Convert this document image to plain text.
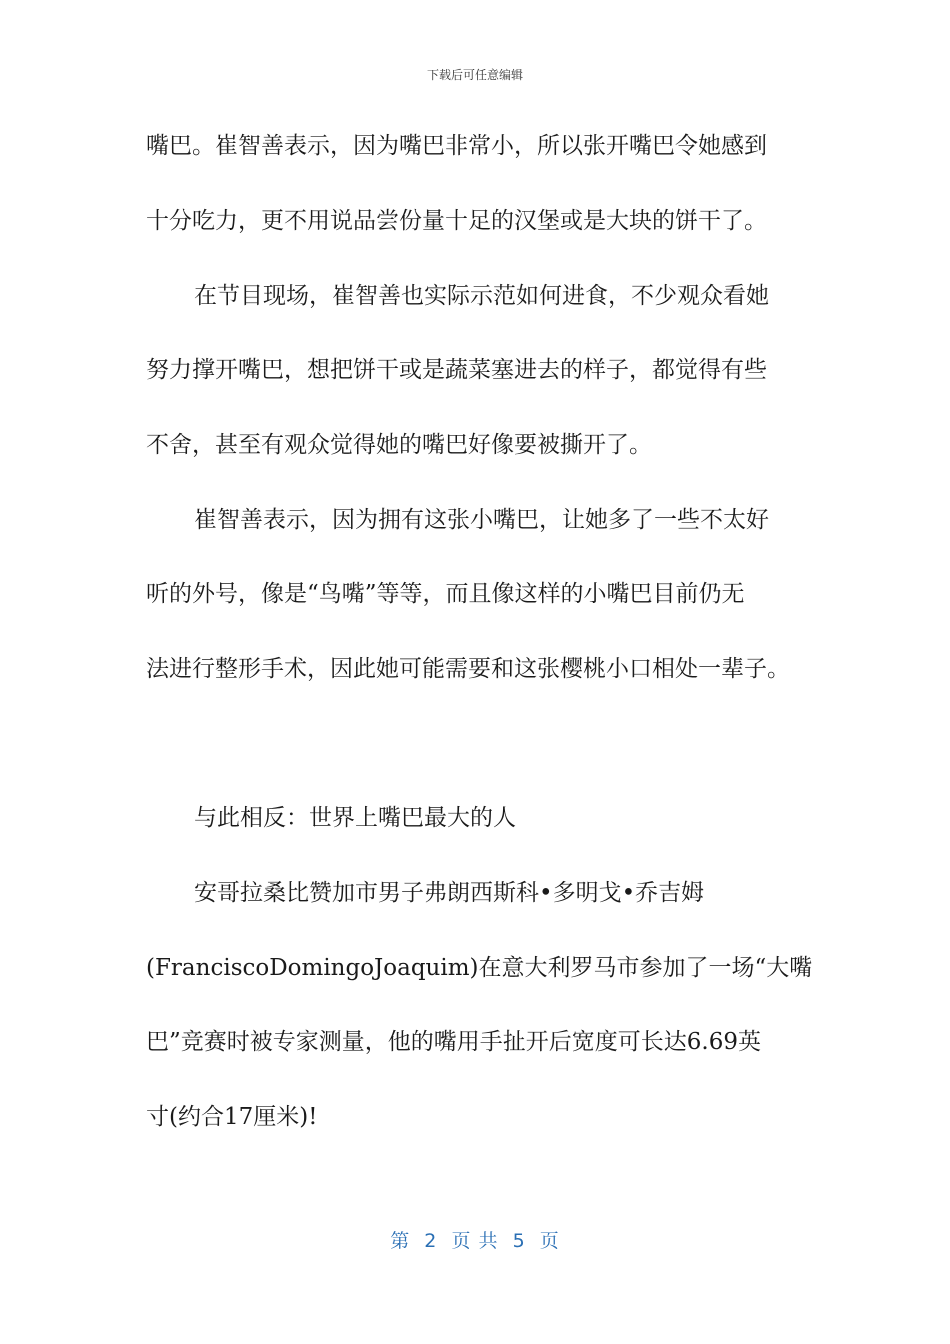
下载后可任意编辑
嘴巴。崔智善表示，因为嘴巴非常小，所以张开嘴巴令她感到
十分吃力，更不用说品尝份量十足的汉堡或是大块的饼干了。
在节目现场，崔智善也实际示范如何进食，不少观众看她
努力撑开嘴巴，想把饼干或是蔬菜塞进去的样子，都觉得有些
不舍，甚至有观众觉得她的嘴巴好像要被撕开了。
崔智善表示，因为拥有这张小嘴巴，让她多了一些不太好
听的外号，像是“鸟嘴”等等，而且像这样的小嘴巴目前仍无
法进行整形手术，因此她可能需要和这张樱桃小口相处一辈子。
与此相反：世界上嘴巴最大的人
安哥拉桑比赞加市男子弗朗西斯科•多明戈•乔吉姆
(FranciscoDomingoJoaquim)在意大利罗马市参加了一场“大嘴
巴”竞赛时被专家测量，他的嘴用手扯开后宽度可长达6.69英
寸(约合17厘米)!
第  2  页 共  5  页
